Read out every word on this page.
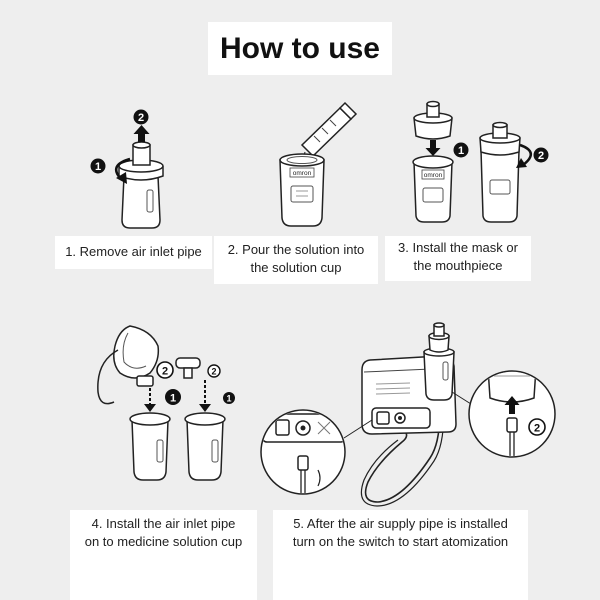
1
2
omron	omron
1	2
2	2
1	1
2
How to use
1. Remove air inlet pipe	2. Pour the solution into
the solution cup
3. Install the mask or
the mouthpiece
4. Install the air inlet pipe
on to medicine solution cup
5. After the air supply pipe is installed
turn on the switch to start atomization
